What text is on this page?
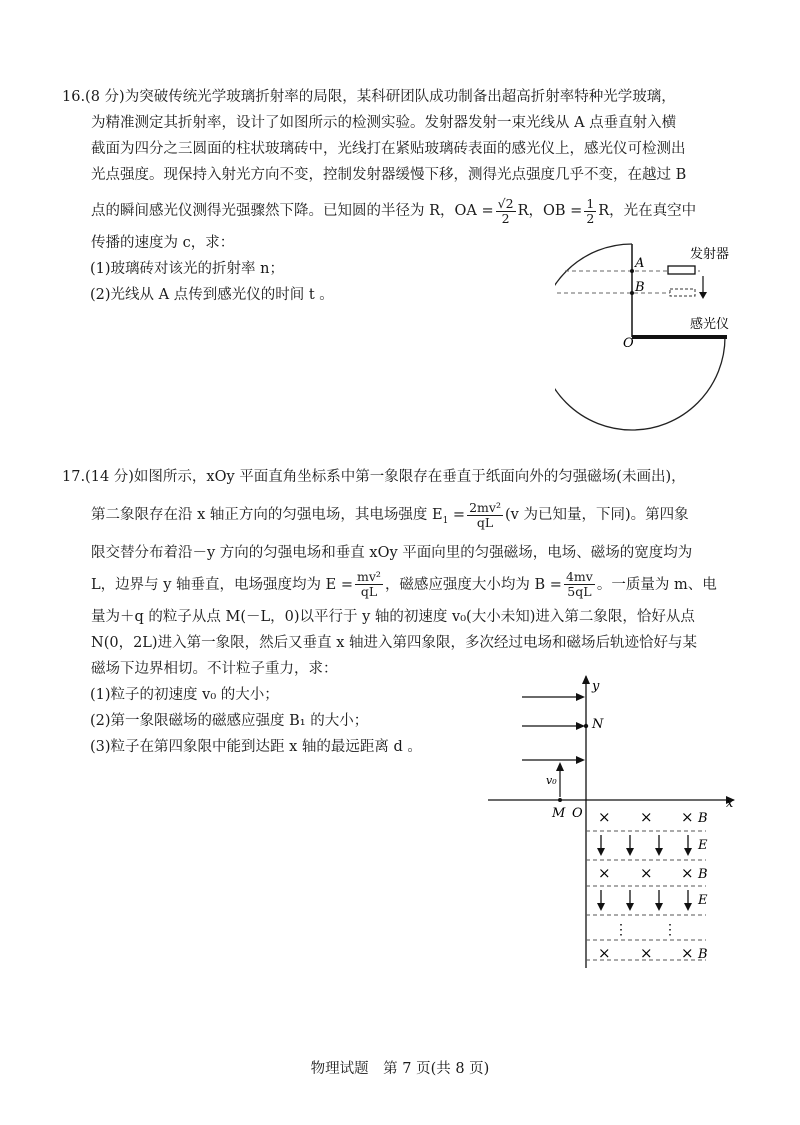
16.(8 分)为突破传统光学玻璃折射率的局限，某科研团队成功制备出超高折射率特种光学玻璃，
为精准测定其折射率，设计了如图所示的检测实验。发射器发射一束光线从 A 点垂直射入横
截面为四分之三圆面的柱状玻璃砖中，光线打在紧贴玻璃砖表面的感光仪上，感光仪可检测出
光点强度。现保持入射光方向不变，控制发射器缓慢下移，测得光点强度几乎不变，在越过 B
点的瞬间感光仪测得光强骤然下降。已知圆的半径为 R，OA = $\frac{√2}{2}$ R，OB = $\frac{1}{2}$ R，光在真空中
传播的速度为 c，求：
(1)玻璃砖对该光的折射率 n；
(2)光线从 A 点传到感光仪的时间 t 。
A
B
O
发射器
感光仪
17.(14 分)如图所示，xOy 平面直角坐标系中第一象限存在垂直于纸面向外的匀强磁场(未画出)，
第二象限存在沿 x 轴正方向的匀强电场，其电场强度 $E_1 = \frac{\text{2mv²}}{qL} (v$ 为已知量，下同)。第四象
限交替分布着沿－y 方向的匀强电场和垂直 xOy 平面向里的匀强磁场，电场、磁场的宽度均为
L，边界与 y 轴垂直，电场强度均为 $E = \frac{\text{mv²}}{qL}$ ，磁感应强度大小均为 $B = \frac{4mv}{5qL}$ 。一质量为 m、电
量为＋q 的粒子从点 M(－L，0)以平行于 y 轴的初速度 v₀(大小未知)进入第二象限，恰好从点
N(0，2L)进入第一象限，然后又垂直 x 轴进入第四象限，多次经过电场和磁场后轨迹恰好与某
磁场下边界相切。不计粒子重力，求：
(1)粒子的初速度 v₀ 的大小；
(2)第一象限磁场的磁感应强度 B₁ 的大小；
(3)粒子在第四象限中能到达距 x 轴的最远距离 d 。
y
x
N
v₀
M O × × × B
E
× × × B
E
⋮	⋮
× × × B
物理试题　第 7 页(共 8 页)
